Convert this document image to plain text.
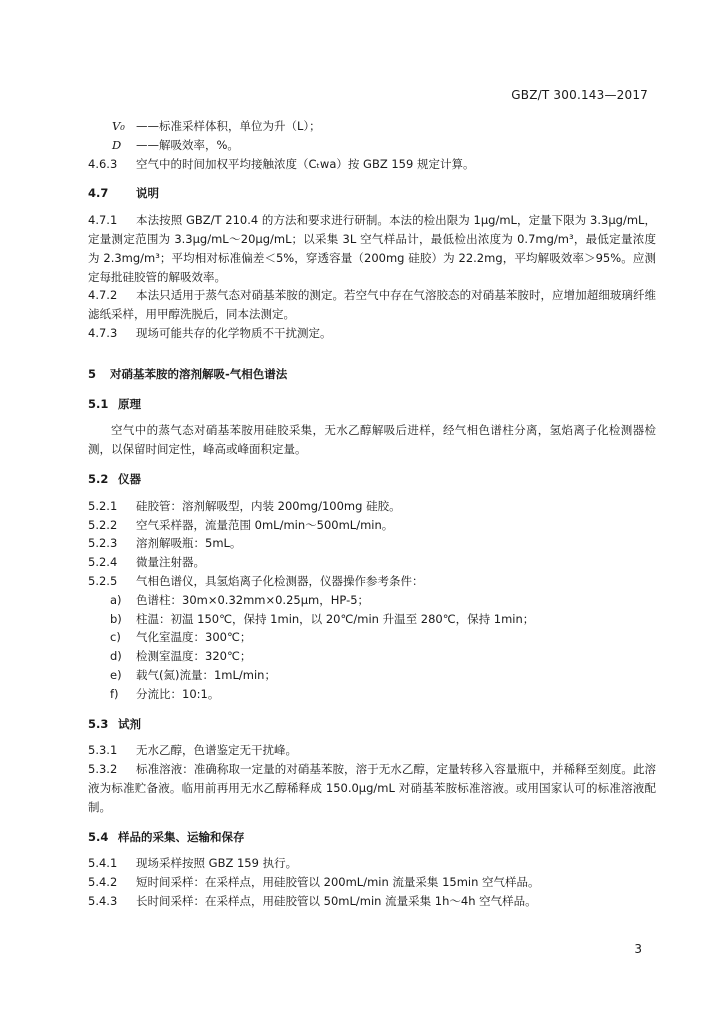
GBZ/T 300.143—2017
V₀ ——标准采样体积，单位为升（L）；
D ——解吸效率，%。
4.6.3 空气中的时间加权平均接触浓度（Cₜwa）按 GBZ 159 规定计算。
4.7 说明
4.7.1 本法按照 GBZ/T 210.4 的方法和要求进行研制。本法的检出限为 1μg/mL，定量下限为 3.3μg/mL，定量测定范围为 3.3μg/mL～20μg/mL；以采集 3L 空气样品计，最低检出浓度为 0.7mg/m³，最低定量浓度为 2.3mg/m³；平均相对标准偏差＜5%，穿透容量（200mg 硅胶）为 22.2mg，平均解吸效率＞95%。应测定每批硅胶管的解吸效率。
4.7.2 本法只适用于蒸气态对硝基苯胺的测定。若空气中存在气溶胶态的对硝基苯胺时，应增加超细玻璃纤维滤纸采样，用甲醇洗脱后，同本法测定。
4.7.3 现场可能共存的化学物质不干扰测定。
5 对硝基苯胺的溶剂解吸-气相色谱法
5.1 原理
空气中的蒸气态对硝基苯胺用硅胶采集，无水乙醇解吸后进样，经气相色谱柱分离，氢焰离子化检测器检测，以保留时间定性，峰高或峰面积定量。
5.2 仪器
5.2.1 硅胶管：溶剂解吸型，内装 200mg/100mg 硅胶。
5.2.2 空气采样器，流量范围 0mL/min～500mL/min。
5.2.3 溶剂解吸瓶：5mL。
5.2.4 微量注射器。
5.2.5 气相色谱仪，具氢焰离子化检测器，仪器操作参考条件：
a) 色谱柱：30m×0.32mm×0.25μm，HP-5；
b) 柱温：初温 150℃，保持 1min，以 20℃/min 升温至 280℃，保持 1min；
c) 气化室温度：300℃；
d) 检测室温度：320℃；
e) 载气(氮)流量：1mL/min；
f) 分流比：10:1。
5.3 试剂
5.3.1 无水乙醇，色谱鉴定无干扰峰。
5.3.2 标准溶液：准确称取一定量的对硝基苯胺，溶于无水乙醇，定量转移入容量瓶中，并稀释至刻度。此溶液为标准贮备液。临用前再用无水乙醇稀释成 150.0μg/mL 对硝基苯胺标准溶液。或用国家认可的标准溶液配制。
5.4 样品的采集、运输和保存
5.4.1 现场采样按照 GBZ 159 执行。
5.4.2 短时间采样：在采样点，用硅胶管以 200mL/min 流量采集 15min 空气样品。
5.4.3 长时间采样：在采样点，用硅胶管以 50mL/min 流量采集 1h～4h 空气样品。
3
